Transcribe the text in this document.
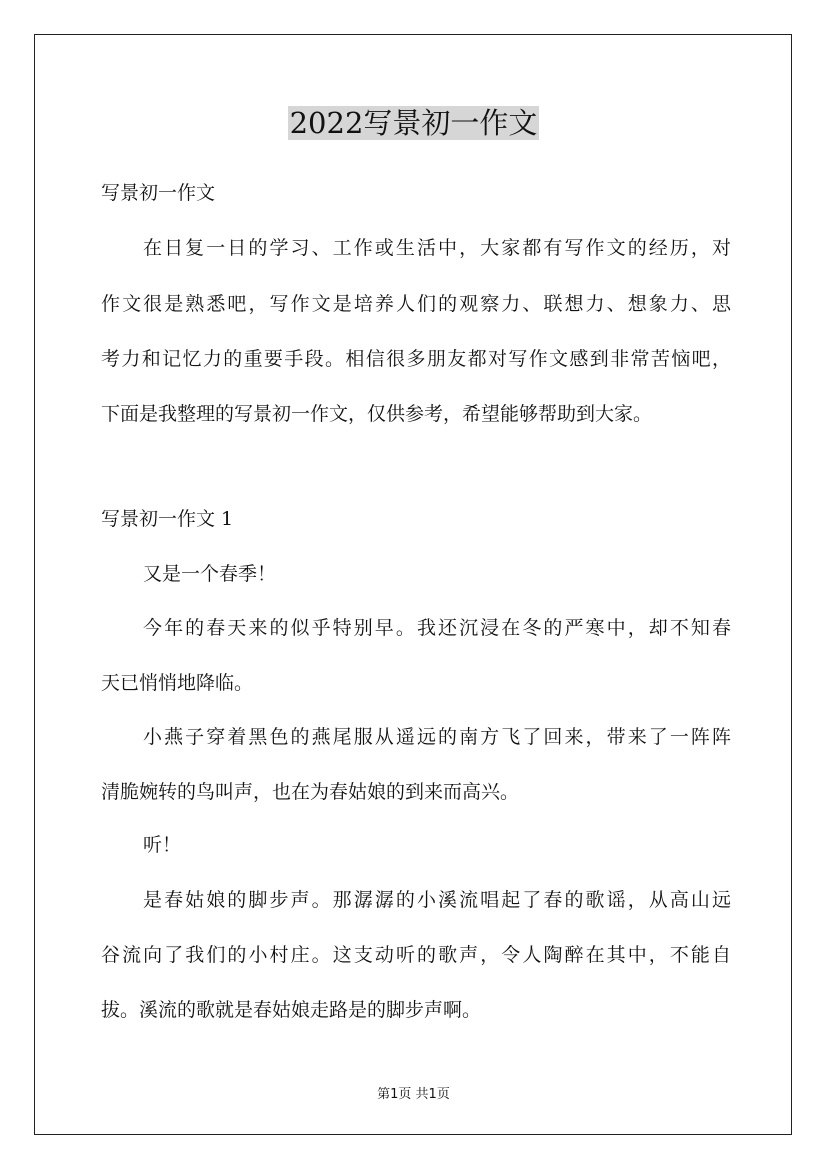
2022写景初一作文
写景初一作文
在日复一日的学习、工作或生活中，大家都有写作文的经历，对
作文很是熟悉吧，写作文是培养人们的观察力、联想力、想象力、思
考力和记忆力的重要手段。相信很多朋友都对写作文感到非常苦恼吧，
下面是我整理的写景初一作文，仅供参考，希望能够帮助到大家。
写景初一作文 1
又是一个春季！
今年的春天来的似乎特别早。我还沉浸在冬的严寒中，却不知春
天已悄悄地降临。
小燕子穿着黑色的燕尾服从遥远的南方飞了回来，带来了一阵阵
清脆婉转的鸟叫声，也在为春姑娘的到来而高兴。
听！
是春姑娘的脚步声。那潺潺的小溪流唱起了春的歌谣，从高山远
谷流向了我们的小村庄。这支动听的歌声，令人陶醉在其中，不能自
拔。溪流的歌就是春姑娘走路是的脚步声啊。
第1页 共1页
